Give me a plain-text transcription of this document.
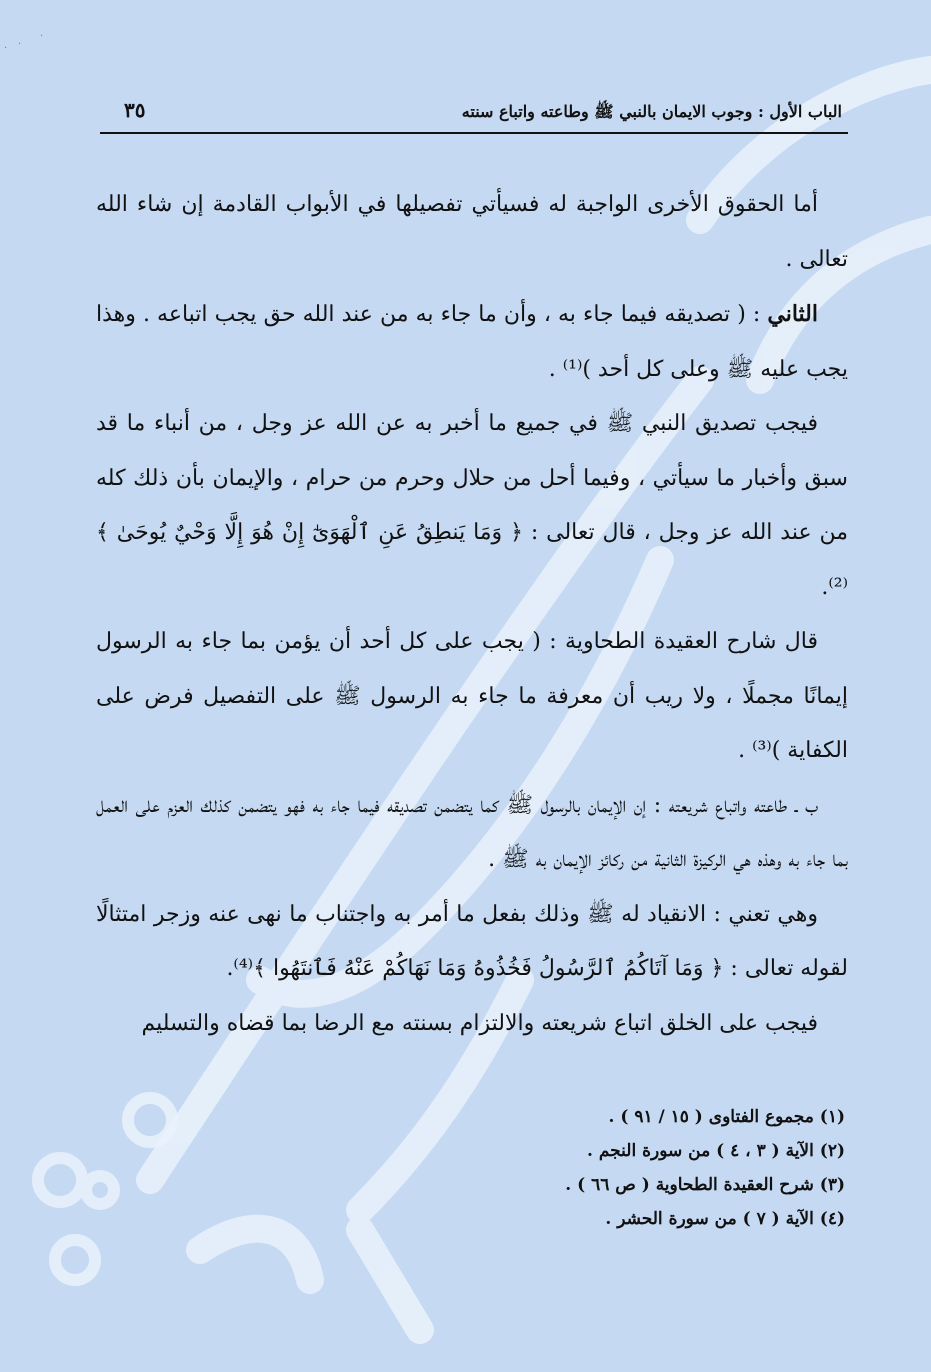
.
.
.
الباب الأول : وجوب الايمان بالنبي ﷺ وطاعته واتباع سنته
٣٥

أما الحقوق الأخرى الواجبة له فسيأتي تفصيلها في الأبواب القادمة إن شاء الله تعالى .

الثاني : ( تصديقه فيما جاء به ، وأن ما جاء به من عند الله حق يجب اتباعه . وهذا يجب عليه ﷺ وعلى كل أحد )⁽¹⁾ .

فيجب تصديق النبي ﷺ في جميع ما أخبر به عن الله عز وجل ، من أنباء ما قد سبق وأخبار ما سيأتي ، وفيما أحل من حلال وحرم من حرام ، والإيمان بأن ذلك كله من عند الله عز وجل ، قال تعالى : ﴿ وَمَا يَنطِقُ عَنِ ٱلْهَوَىٰٓ إِنْ هُوَ إِلَّا وَحْيٌ يُوحَىٰ ﴾⁽²⁾.

قال شارح العقيدة الطحاوية : ( يجب على كل أحد أن يؤمن بما جاء به الرسول إيمانًا مجملًا ، ولا ريب أن معرفة ما جاء به الرسول ﷺ على التفصيل فرض على الكفاية )⁽³⁾ .

ب ـ طاعته واتباع شريعته : إن الإيمان بالرسول ﷺ كما يتضمن تصديقه فيما جاء به فهو يتضمن كذلك العزم على العمل بما جاء به وهذه هي الركيزة الثانية من ركائز الإيمان به ﷺ .

وهي تعني : الانقياد له ﷺ وذلك بفعل ما أمر به واجتناب ما نهى عنه وزجر امتثالًا لقوله تعالى : ﴿ وَمَا آتَاكُمُ ٱلرَّسُولُ فَخُذُوهُ وَمَا نَهَاكُمْ عَنْهُ فَٱنتَهُوا ﴾⁽⁴⁾.

فيجب على الخلق اتباع شريعته والالتزام بسنته مع الرضا بما قضاه والتسليم

(١) مجموع الفتاوى ( ١٥ / ٩١ ) .

(٢) الآية ( ٣ ، ٤ ) من سورة النجم .

(٣) شرح العقيدة الطحاوية ( ص ٦٦ ) .

(٤) الآية ( ٧ ) من سورة الحشر .
